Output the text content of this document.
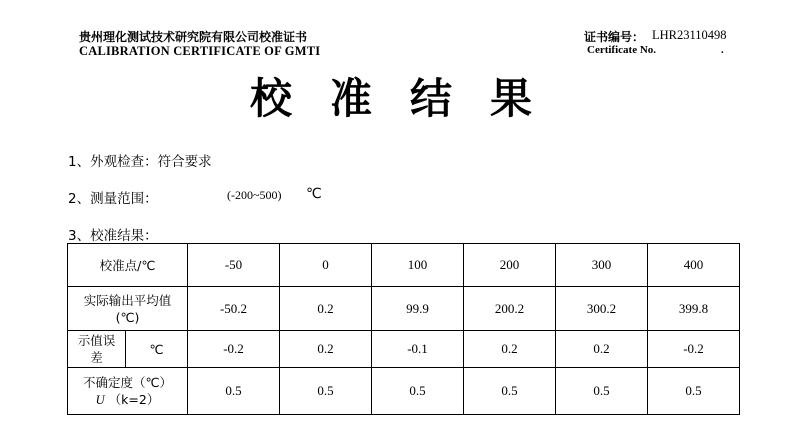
贵州理化测试技术研究院有限公司校准证书
CALIBRATION CERTIFICATE OF GMTI
证书编号： LHR23110498
Certificate No.	.
校准结果
1、外观检查：符合要求
2、测量范围：	(-200~500) ℃
3、校准结果：
校准点/℃		-50	0	100	200	300	400

实际输出平均值
(℃)		-50.2	0.2	99.9	200.2	300.2	399.8

示值误
差	℃	-0.2	0.2	-0.1	0.2	0.2	-0.2

不确定度（℃）
U （k=2）		0.5	0.5	0.5	0.5	0.5	0.5
